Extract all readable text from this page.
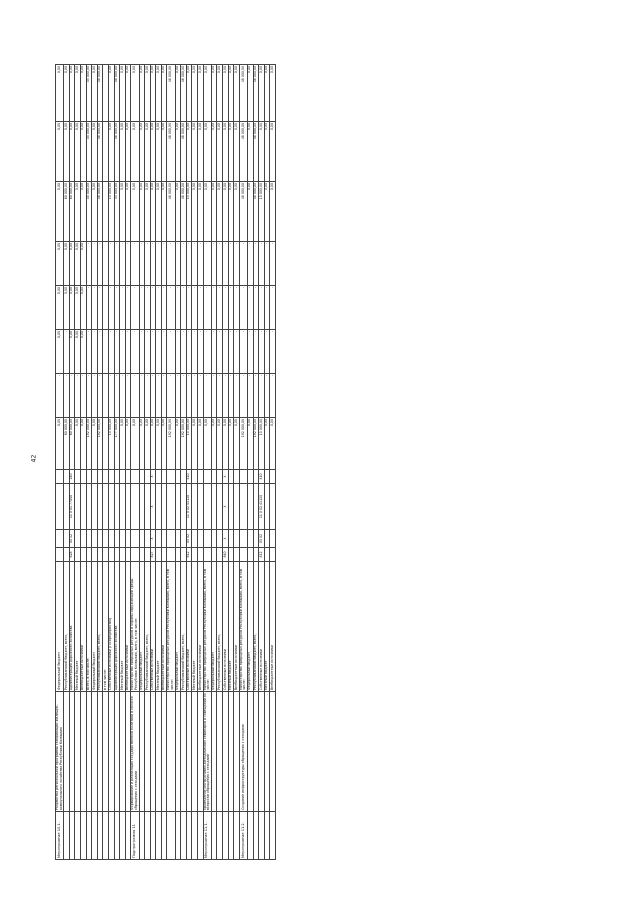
42
Мероприятие 10.1.	Разработка региональной программы газификации жилищно-коммунального хозяйства Республики Калмыкия	Федеральный бюджет					0,00	-	0,00	0,00	0,00	0,00	0,00	0,00
		Республиканский бюджет, всего,					60 000,00	-	-	0,00	0,00	60 000,00	0,00	0,00
		Администрация дорожного хозяйства	828	04 12	11 0 01 77040	240	60 000,00	-	0,00	0,00	0,00	60 000,00	0,00	0,00
		Местный бюджет					0,00	-	0,00	0,00	0,00	0,00	0,00	0,00
		Внебюджетные источники					0,00	-	0,00	0,00	0,00	0,00	0,00	0,00
		Всего, в том числе:					192 000,00	-	-	-	-	45 000,00	45 000,00	45 000,00
		Федеральный бюджет					0,00	-	-	-	-	0,00	0,00	0,00
		Республиканский бюджет, всего,					192 000,00	-	-	-	-	48 000,00	48 000,00	48 000,00
		в том числе:												
		Собственные источники (Госпредприятия)					15 000,00	-	-	-	-	15 000,00	0,00	0,00
		Администрация дорожного хозяйства					177 000,00	-	-	-	-	33 000,00	48 000,00	48 000,00
		Местный бюджет					0,00	-	-	-	-	0,00	0,00	0,00
		Внебюджетные источники					0,00	-	-	-	-	0,00	0,00	0,00
Подпрограмма 11	Формирование и реализация государственной политики в области обращения с отходами	Министерство природных ресурсов и охраны окружающей среды Республики Калмыкия, всего, в том числе:					0,00	-	-	-	-	0,00	0,00	0,00
		Федеральный бюджет					0,00	-	-	-	-	0,00	0,00	0,00
		Республиканский бюджет, всего,					0,00	-	-	-	-	0,00	0,00	0,00
		Собственные источники	827	X	X	X	0,00	-	-	-	-	0,00	0,00	0,00
		Местный бюджет					0,00	-	-	-	-	0,00	0,00	0,00
		Внебюджетные источники					0,00	-	-	-	-	0,00	0,00	0,00
		Министерство природных ресурсов Республики Калмыкия, всего, в том числе:					192 000,00	-	-	-	-	48 000,00	48 000,00	48 000,00
		Федеральный бюджет					0,00	-	-	-	-	0,00	0,00	0,00
		Республиканский бюджет, всего,					192 000,00	-	-	-	-	48 000,00	48 000,00	48 000,00
		Собственные источники	812	05 02	11 0 02 41120	410	15 000,00	-	-	-	-	15 000,00	0,00	0,00
		Местный бюджет					0,00	-	-	-	-	0,00	0,00	0,00
		Внебюджетные источники					0,00	-	-	-	-	0,00	0,00	0,00
Мероприятие 11.1.	Проведение инструктивно-методических семинаров и совещаний по вопросам обращения с отходами	Министерство природных ресурсов Республики Калмыкия, всего, в том числе:					0,00	-	-	-	-	0,00	0,00	0,00
		Федеральный бюджет					0,00	-	-	-	-	0,00	0,00	0,00
		Республиканский бюджет, всего,					0,00	-	-	-	-	0,00	0,00	0,00
		Собственные источники	840	X	X	X	0,00	-	-	-	-	0,00	0,00	0,00
		Местный бюджет					0,00	-	-	-	-	0,00	0,00	0,00
		Внебюджетные источники					0,00	-	-	-	-	0,00	0,00	0,00
Мероприятие 11.2.	Создание инфраструктуры обращения с отходами	Министерство природных ресурсов Республики Калмыкия, всего, в том числе:					192 000,00	-	-	-	-	48 000,00	48 000,00	48 000,00
		Федеральный бюджет					0,00	-	-	-	-	0,00	0,00	0,00
		Республиканский бюджет, всего,					192 000,00	-	-	-	-	48 000,00	48 000,00	48 000,00
		Собственные источники	812	05 02	11 0 02 41120	410	15 000,00	-	-	-	-	15 000,00	0,00	0,00
		Местный бюджет					0,00	-	-	-	-	0,00	0,00	0,00
		Внебюджетные источники					0,00	-	-	-	-	0,00	0,00	0,00
